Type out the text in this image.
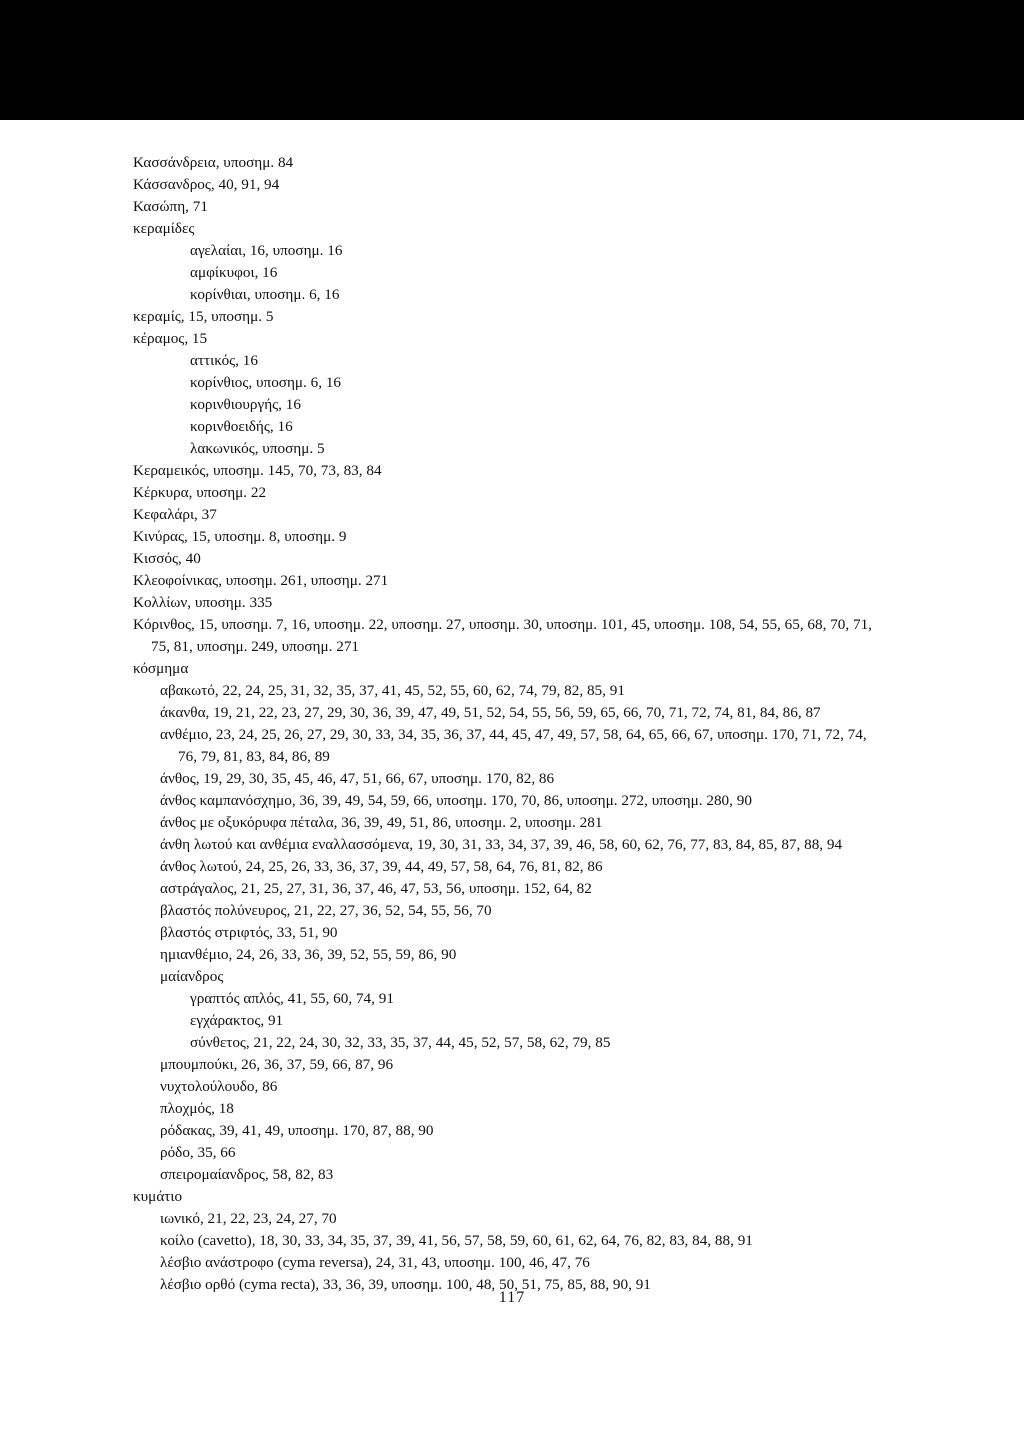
Κασσάνδρεια, υποσημ. 84
Κάσσανδρος, 40, 91, 94
Κασώπη, 71
κεραμίδες
αγελαίαι, 16, υποσημ. 16
αμφίκυφοι, 16
κορίνθιαι, υποσημ. 6, 16
κεραμίς, 15, υποσημ. 5
κέραμος, 15
αττικός, 16
κορίνθιος, υποσημ. 6, 16
κορινθιουργής, 16
κορινθοειδής, 16
λακωνικός, υποσημ. 5
Κεραμεικός, υποσημ. 145, 70, 73, 83, 84
Κέρκυρα, υποσημ. 22
Κεφαλάρι, 37
Κινύρας, 15, υποσημ. 8, υποσημ. 9
Κισσός, 40
Κλεοφοίνικας, υποσημ. 261, υποσημ. 271
Κολλίων, υποσημ. 335
Κόρινθος, 15, υποσημ. 7, 16, υποσημ. 22, υποσημ. 27, υποσημ. 30, υποσημ. 101, 45, υποσημ. 108, 54, 55, 65, 68, 70, 71, 75, 81, υποσημ. 249, υποσημ. 271
κόσμημα
αβακωτό, 22, 24, 25, 31, 32, 35, 37, 41, 45, 52, 55, 60, 62, 74, 79, 82, 85, 91
άκανθα, 19, 21, 22, 23, 27, 29, 30, 36, 39, 47, 49, 51, 52, 54, 55, 56, 59, 65, 66, 70, 71, 72, 74, 81, 84, 86, 87
ανθέμιο, 23, 24, 25, 26, 27, 29, 30, 33, 34, 35, 36, 37, 44, 45, 47, 49, 57, 58, 64, 65, 66, 67, υποσημ. 170, 71, 72, 74, 76, 79, 81, 83, 84, 86, 89
άνθος, 19, 29, 30, 35, 45, 46, 47, 51, 66, 67, υποσημ. 170, 82, 86
άνθος καμπανόσχημο, 36, 39, 49, 54, 59, 66, υποσημ. 170, 70, 86, υποσημ. 272, υποσημ. 280, 90
άνθος με οξυκόρυφα πέταλα, 36, 39, 49, 51, 86, υποσημ. 2, υποσημ. 281
άνθη λωτού και ανθέμια εναλλασσόμενα, 19, 30, 31, 33, 34, 37, 39, 46, 58, 60, 62, 76, 77, 83, 84, 85, 87, 88, 94
άνθος λωτού, 24, 25, 26, 33, 36, 37, 39, 44, 49, 57, 58, 64, 76, 81, 82, 86
αστράγαλος, 21, 25, 27, 31, 36, 37, 46, 47, 53, 56, υποσημ. 152, 64, 82
βλαστός πολύνευρος, 21, 22, 27, 36, 52, 54, 55, 56, 70
βλαστός στριφτός, 33, 51, 90
ημιανθέμιο, 24, 26, 33, 36, 39, 52, 55, 59, 86, 90
μαίανδρος
γραπτός απλός, 41, 55, 60, 74, 91
εγχάρακτος, 91
σύνθετος, 21, 22, 24, 30, 32, 33, 35, 37, 44, 45, 52, 57, 58, 62, 79, 85
μπουμπούκι, 26, 36, 37, 59, 66, 87, 96
νυχτολούλουδο, 86
πλοχμός, 18
ρόδακας, 39, 41, 49, υποσημ. 170, 87, 88, 90
ρόδο, 35, 66
σπειρομαίανδρος, 58, 82, 83
κυμάτιο
ιωνικό, 21, 22, 23, 24, 27, 70
κοίλο (cavetto), 18, 30, 33, 34, 35, 37, 39, 41, 56, 57, 58, 59, 60, 61, 62, 64, 76, 82, 83, 84, 88, 91
λέσβιο ανάστροφο (cyma reversa), 24, 31, 43, υποσημ. 100, 46, 47, 76
λέσβιο ορθό (cyma recta), 33, 36, 39, υποσημ. 100, 48, 50, 51, 75, 85, 88, 90, 91
117
